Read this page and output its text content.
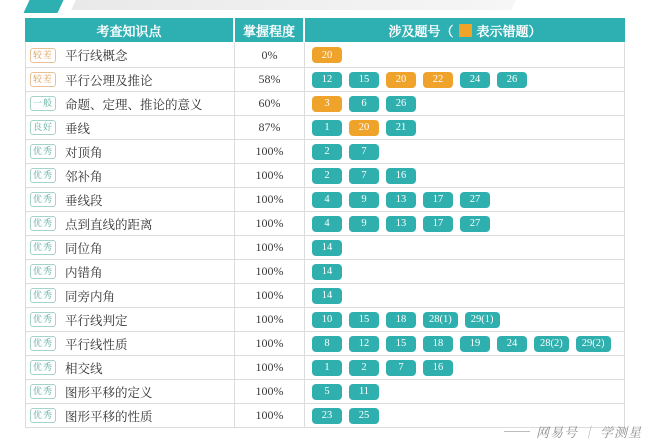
考查知识点	掌握程度	涉及题号（ 表示错题）
较差 平行线概念	0%	20
较差 平行公理及推论	58%	12	15	20	22	24	26
一般 命题、定理、推论的意义	60%	3	6	26
良好 垂线	87%	1	20	21
优秀 对顶角	100%	2	7
优秀 邻补角	100%	2	7	16
优秀 垂线段	100%	4	9	13	17	27
优秀 点到直线的距离	100%	4	9	13	17	27
优秀 同位角	100%	14
优秀 内错角	100%	14
优秀 同旁内角	100%	14
优秀 平行线判定	100%	10	15	18	28(1)	29(1)
优秀 平行线性质	100%	8	12	15	18	19	24	28(2)	29(2)
优秀 相交线	100%	1	2	7	16
优秀 图形平移的定义	100%	5	11
优秀 图形平移的性质	100%	23	25
网易号 ｜ 学测星
